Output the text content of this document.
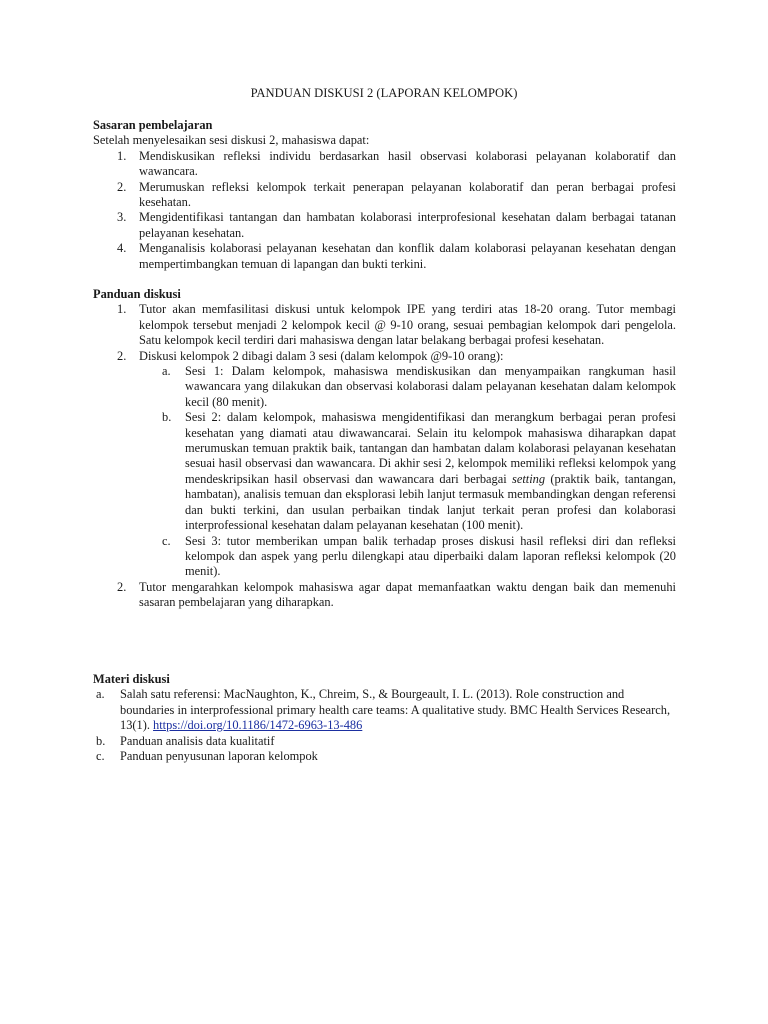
PANDUAN DISKUSI 2 (LAPORAN KELOMPOK)
Sasaran pembelajaran
Setelah menyelesaikan sesi diskusi 2, mahasiswa dapat:
1.	Mendiskusikan refleksi individu berdasarkan hasil observasi kolaborasi pelayanan kolaboratif dan wawancara.
2.	Merumuskan refleksi kelompok terkait penerapan pelayanan kolaboratif dan peran berbagai profesi kesehatan.
3.	Mengidentifikasi tantangan dan hambatan kolaborasi interprofesional kesehatan dalam berbagai tatanan pelayanan kesehatan.
4.	Menganalisis kolaborasi pelayanan kesehatan dan konflik dalam kolaborasi pelayanan kesehatan dengan mempertimbangkan temuan di lapangan dan bukti terkini.
Panduan diskusi
1.	Tutor akan memfasilitasi diskusi untuk kelompok IPE yang terdiri atas 18-20 orang. Tutor membagi kelompok tersebut menjadi 2 kelompok kecil @ 9-10 orang, sesuai pembagian kelompok dari pengelola. Satu kelompok kecil terdiri dari mahasiswa dengan latar belakang berbagai profesi kesehatan.
2.	Diskusi kelompok 2 dibagi dalam 3 sesi (dalam kelompok @9-10 orang):
a.	Sesi 1: Dalam kelompok, mahasiswa mendiskusikan dan menyampaikan rangkuman hasil wawancara yang dilakukan dan observasi kolaborasi dalam pelayanan kesehatan dalam kelompok kecil (80 menit).
b.	Sesi 2: dalam kelompok, mahasiswa mengidentifikasi dan merangkum berbagai peran profesi kesehatan yang diamati atau diwawancarai. Selain itu kelompok mahasiswa diharapkan dapat merumuskan temuan praktik baik, tantangan dan hambatan dalam kolaborasi pelayanan kesehatan sesuai hasil observasi dan wawancara. Di akhir sesi 2, kelompok memiliki refleksi kelompok yang mendeskripsikan hasil observasi dan wawancara dari berbagai setting (praktik baik, tantangan, hambatan), analisis temuan dan eksplorasi lebih lanjut termasuk membandingkan dengan referensi dan bukti terkini, dan usulan perbaikan tindak lanjut terkait peran profesi dan kolaborasi interprofessional kesehatan dalam pelayanan kesehatan (100 menit).
c.	Sesi 3: tutor memberikan umpan balik terhadap proses diskusi hasil refleksi diri dan refleksi kelompok dan aspek yang perlu dilengkapi atau diperbaiki dalam laporan refleksi kelompok (20 menit).
2.	Tutor mengarahkan kelompok mahasiswa agar dapat memanfaatkan waktu dengan baik dan memenuhi sasaran pembelajaran yang diharapkan.
Materi diskusi
a.	Salah satu referensi: MacNaughton, K., Chreim, S., & Bourgeault, I. L. (2013). Role construction and boundaries in interprofessional primary health care teams: A qualitative study. BMC Health Services Research, 13(1). https://doi.org/10.1186/1472-6963-13-486
b.	Panduan analisis data kualitatif
c.	Panduan penyusunan laporan kelompok
